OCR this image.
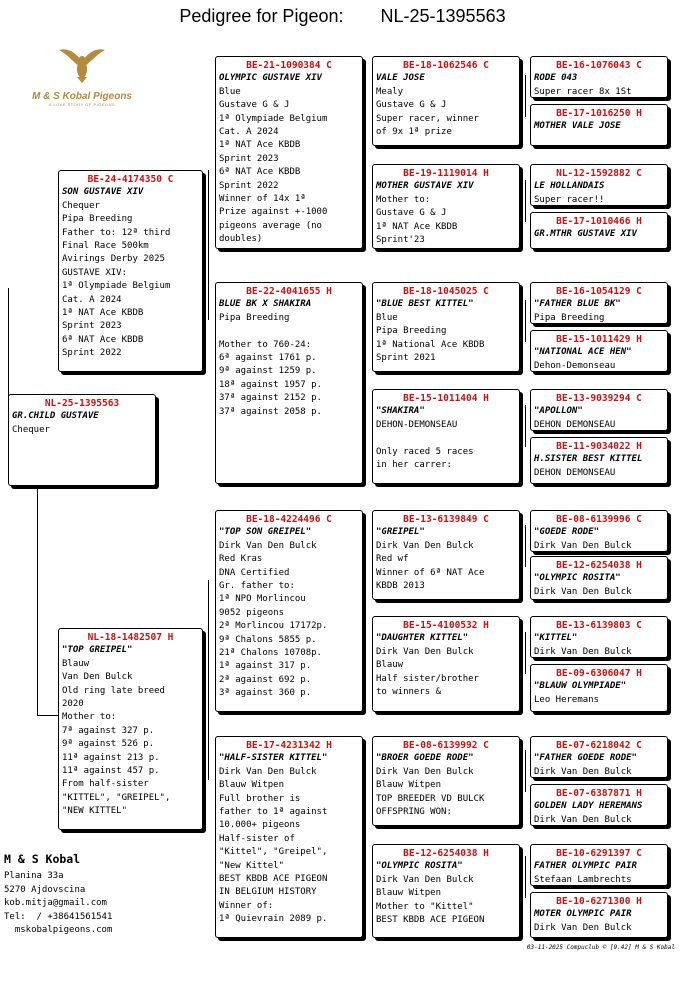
Pedigree for Pigeon: NL-25-1395563
M & S Kobal Pigeons
A LOVE STORY OF PIGEONS
NL-25-1395563
GR.CHILD GUSTAVE
Chequer
BE-24-4174350 C
SON GUSTAVE XIV
Chequer
Pipa Breeding
Father to: 12ª third
Final Race 500km
Avirings Derby 2025
GUSTAVE XIV:
1ª Olympiade Belgium
Cat. A 2024
1ª NAT Ace KBDB
Sprint 2023
6ª NAT Ace KBDB
Sprint 2022
NL-18-1482507 H
"TOP GREIPEL"
Blauw
Van Den Bulck
Old ring late breed
2020
Mother to:
7ª against 327 p.
9ª against 526 p.
11ª against 213 p.
11ª against 457 p.
From half-sister
"KITTEL", "GREIPEL",
"NEW KITTEL"
BE-21-1090384 C
OLYMPIC GUSTAVE XIV
Blue
Gustave G & J
1ª Olympiade Belgium
Cat. A 2024
1ª NAT Ace KBDB
Sprint 2023
6ª NAT Ace KBDB
Sprint 2022
Winner of 14x 1ª
Prize against +-1000
pigeons average (no
doubles)
BE-22-4041655 H
BLUE BK X SHAKIRA
Pipa Breeding
Mother to 760-24:
6ª against 1761 p.
9ª against 1259 p.
18ª against 1957 p.
37ª against 2152 p.
37ª against 2058 p.
BE-18-4224496 C
"TOP SON GREIPEL"
Dirk Van Den Bulck
Red Kras
DNA Certified
Gr. father to:
1ª NPO Morlincou
9052 pigeons
2ª Morlincou 17172p.
9ª Chalons 5855 p.
21ª Chalons 10708p.
1ª against 317 p.
2ª against 692 p.
3ª against 360 p.
BE-17-4231342 H
"HALF-SISTER KITTEL"
Dirk Van Den Bulck
Blauw Witpen
Full brother is
father to 1ª against
10.000+ pigeons
Half-sister of
"Kittel", "Greipel",
"New Kittel"
BEST KBDB ACE PIGEON
IN BELGIUM HISTORY
Winner of:
1ª Quievrain 2089 p.
BE-18-1062546 C
VALE JOSE
Mealy
Gustave G & J
Super racer, winner
of 9x 1ª prize
BE-19-1119014 H
MOTHER GUSTAVE XIV
Mother to:
Gustave G & J
1ª NAT Ace KBDB
Sprint'23
BE-18-1045025 C
"BLUE BEST KITTEL"
Blue
Pipa Breeding
1ª National Ace KBDB
Sprint 2021
BE-15-1011404 H
"SHAKIRA"
DEHON-DEMONSEAU
Only raced 5 races
in her carrer:
BE-13-6139849 C
"GREIPEL"
Dirk Van Den Bulck
Red wf
Winner of 6ª NAT Ace
KBDB 2013
BE-15-4100532 H
"DAUGHTER KITTEL"
Dirk Van Den Bulck
Blauw
Half sister/brother
to winners &
BE-08-6139992 C
"BROER GOEDE RODE"
Dirk Van Den Bulck
Blauw Witpen
TOP BREEDER VD BULCK
OFFSPRING WON:
BE-12-6254038 H
"OLYMPIC ROSITA"
Dirk Van Den Bulck
Blauw Witpen
Mother to "Kittel"
BEST KBDB ACE PIGEON
BE-16-1076043 C
RODE 043
Super racer 8x 1St
BE-17-1016250 H
MOTHER VALE JOSE
NL-12-1592882 C
LE HOLLANDAIS
Super racer!!
BE-17-1010466 H
GR.MTHR GUSTAVE XIV
BE-16-1054129 C
"FATHER BLUE BK"
Pipa Breeding
BE-15-1011429 H
"NATIONAL ACE HEN"
Dehon-Demonseau
BE-13-9039294 C
"APOLLON"
DEHON DEMONSEAU
BE-11-9034022 H
H.SISTER BEST KITTEL
DEHON DEMONSEAU
BE-08-6139996 C
"GOEDE RODE"
Dirk Van Den Bulck
BE-12-6254038 H
"OLYMPIC ROSITA"
Dirk Van Den Bulck
BE-13-6139803 C
"KITTEL"
Dirk Van Den Bulck
BE-09-6306047 H
"BLAUW OLYMPIADE"
Leo Heremans
BE-07-6218042 C
"FATHER GOEDE RODE"
Dirk Van Den Bulck
BE-07-6387871 H
GOLDEN LADY HEREMANS
Dirk Van Den Bulck
BE-10-6291397 C
FATHER OLYMPIC PAIR
Stefaan Lambrechts
BE-10-6271300 H
MOTER OLYMPIC PAIR
Dirk Van Den Bulck
M & S Kobal
Planina 33a
5270 Ajdovscina
kob.mitja@gmail.com
Tel:  / +38641561541
mskobalpigeons.com
03-11-2025 Compuclub © [9.42] M & S Kobal
